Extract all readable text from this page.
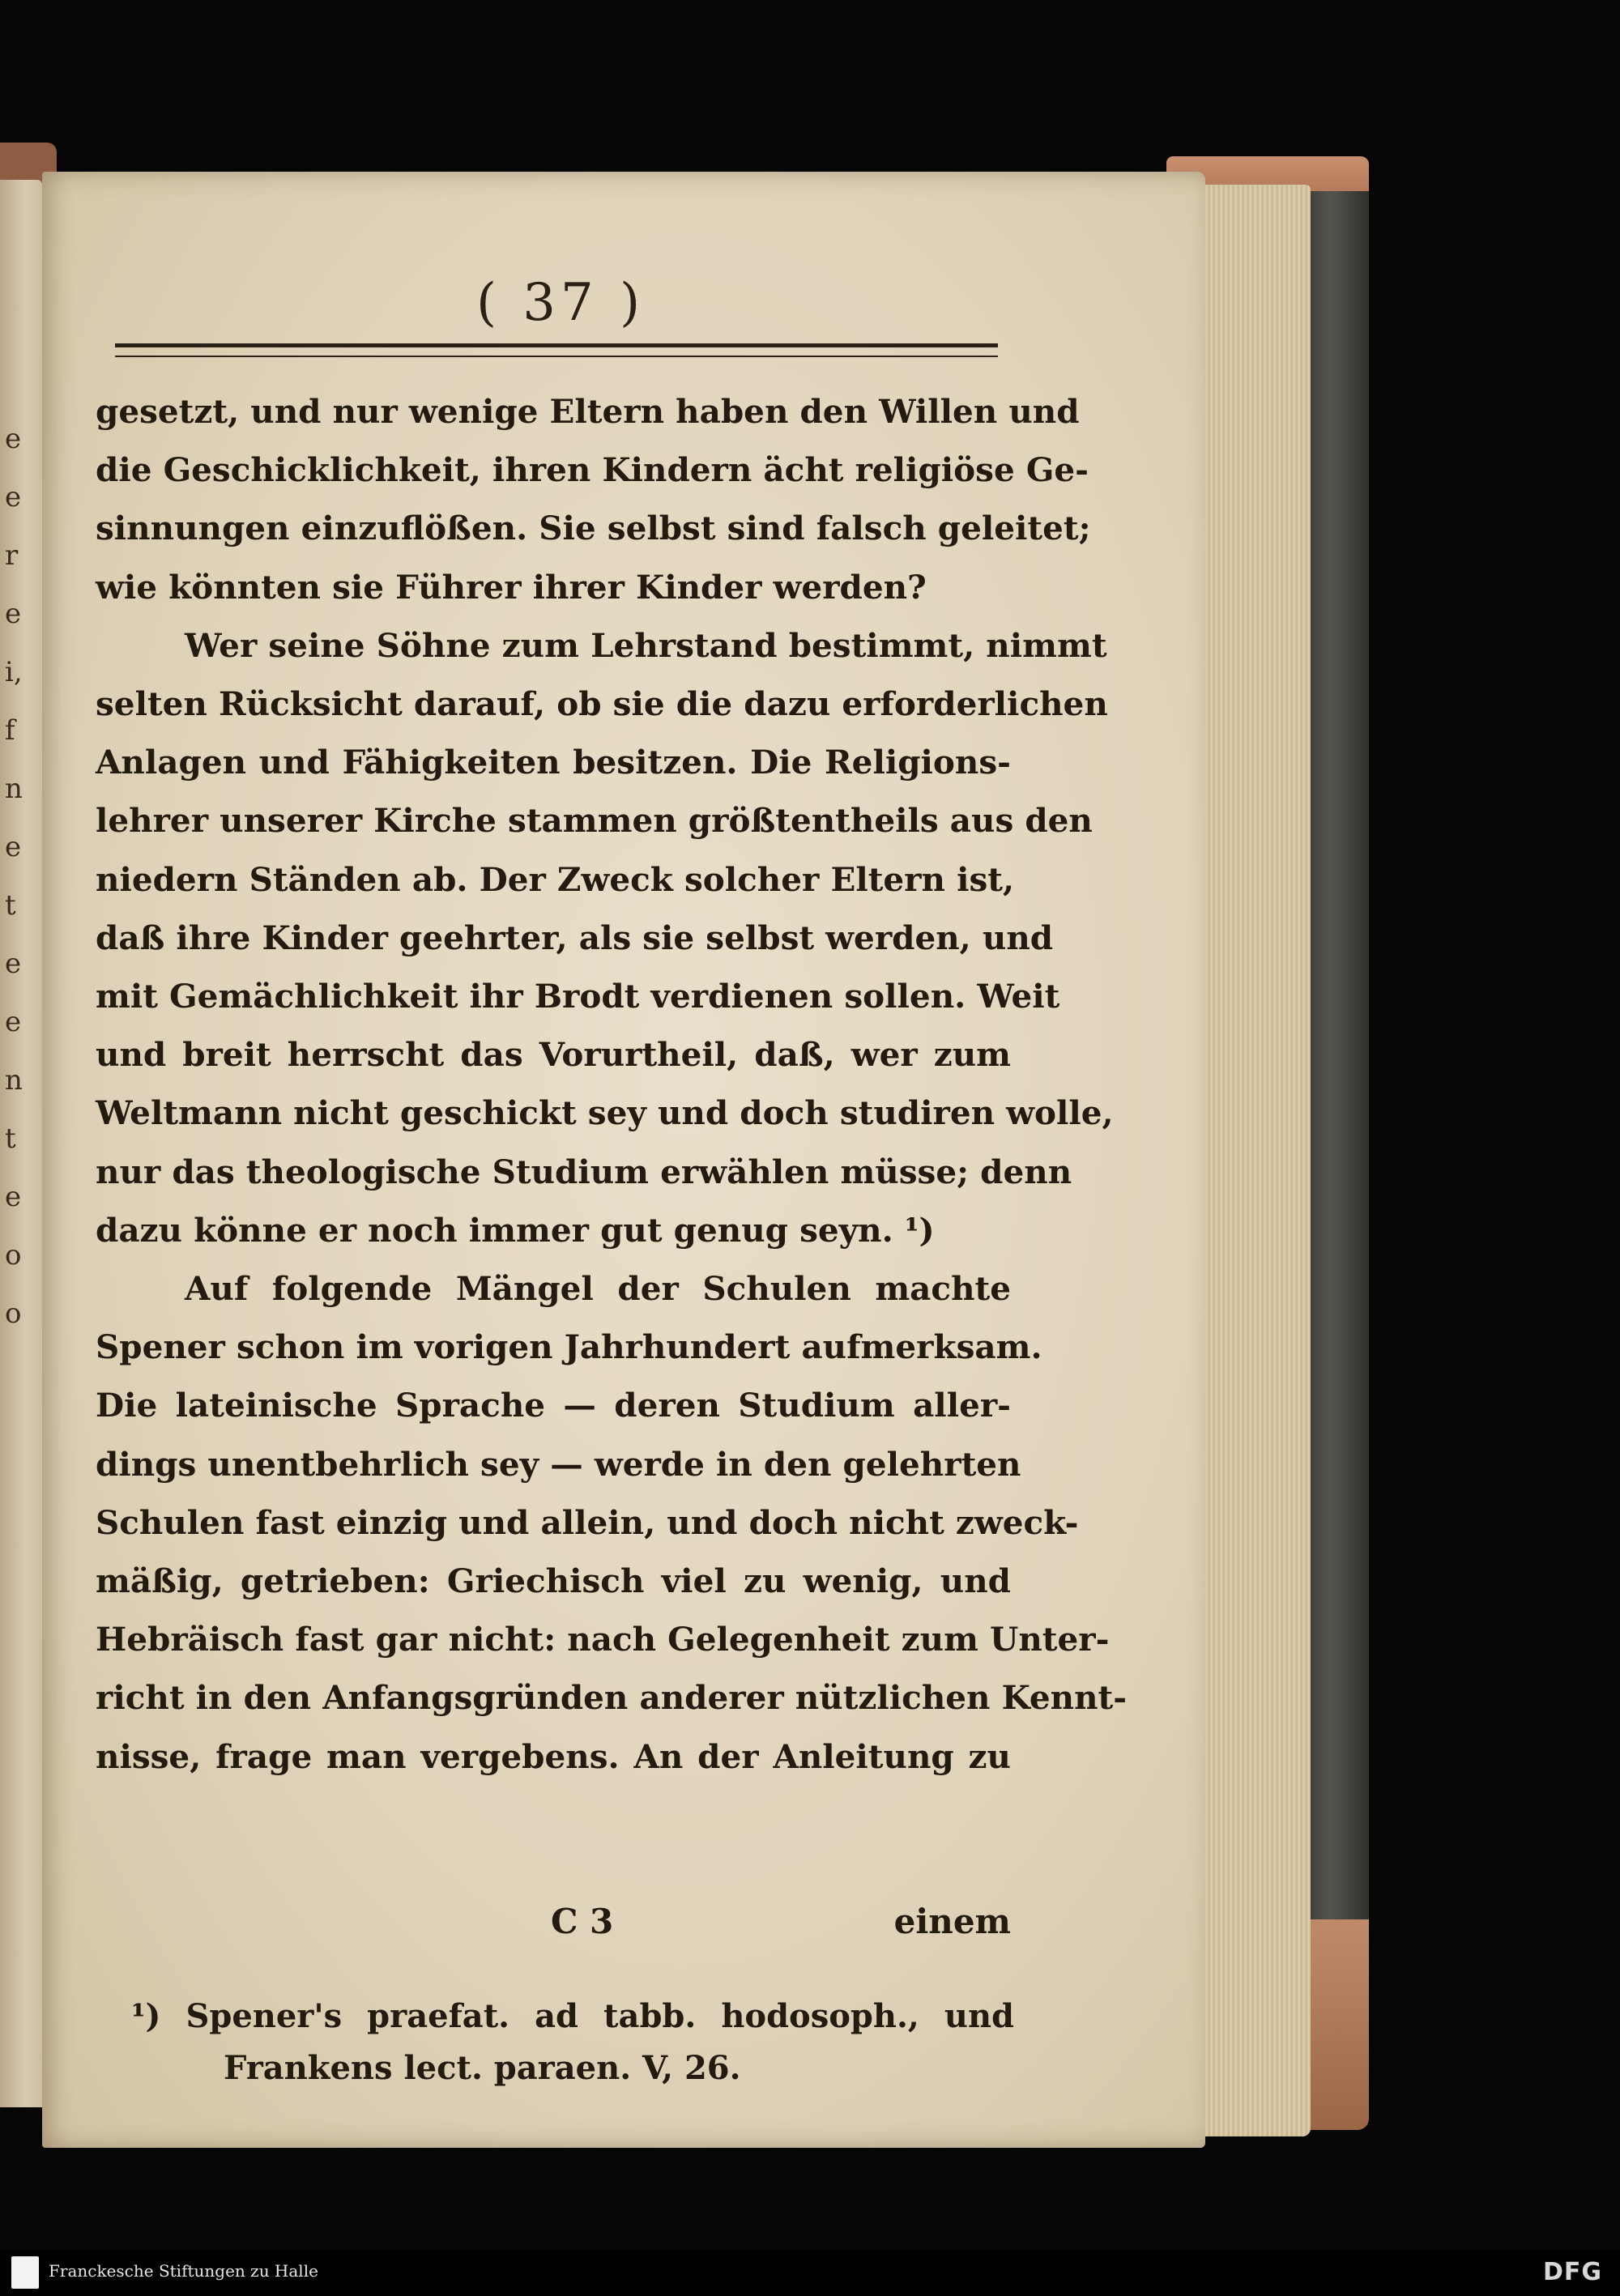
e
e
r
e
i,
f
n
e
t
e
e
n
t
e
o
o
( 37 )
gesetzt, und nur wenige Eltern haben den Willen und
die Geschicklichkeit, ihren Kindern ächt religiöse Ge-
sinnungen einzuflößen. Sie selbst sind falsch geleitet;
wie könnten sie Führer ihrer Kinder werden?
Wer seine Söhne zum Lehrstand bestimmt, nimmt
selten Rücksicht darauf, ob sie die dazu erforderlichen
Anlagen und Fähigkeiten besitzen. Die Religions-
lehrer unserer Kirche stammen größtentheils aus den
niedern Ständen ab. Der Zweck solcher Eltern ist,
daß ihre Kinder geehrter, als sie selbst werden, und
mit Gemächlichkeit ihr Brodt verdienen sollen. Weit
und breit herrscht das Vorurtheil, daß, wer zum
Weltmann nicht geschickt sey und doch studiren wolle,
nur das theologische Studium erwählen müsse; denn
dazu könne er noch immer gut genug seyn. ¹)
Auf folgende Mängel der Schulen machte
Spener schon im vorigen Jahrhundert aufmerksam.
Die lateinische Sprache — deren Studium aller-
dings unentbehrlich sey — werde in den gelehrten
Schulen fast einzig und allein, und doch nicht zweck-
mäßig, getrieben: Griechisch viel zu wenig, und
Hebräisch fast gar nicht: nach Gelegenheit zum Unter-
richt in den Anfangsgründen anderer nützlichen Kennt-
nisse, frage man vergebens. An der Anleitung zu
C 3	einem
¹) Spener's praefat. ad tabb. hodosoph., und
Frankens lect. paraen. V, 26.
Franckesche Stiftungen zu Halle	DFG
